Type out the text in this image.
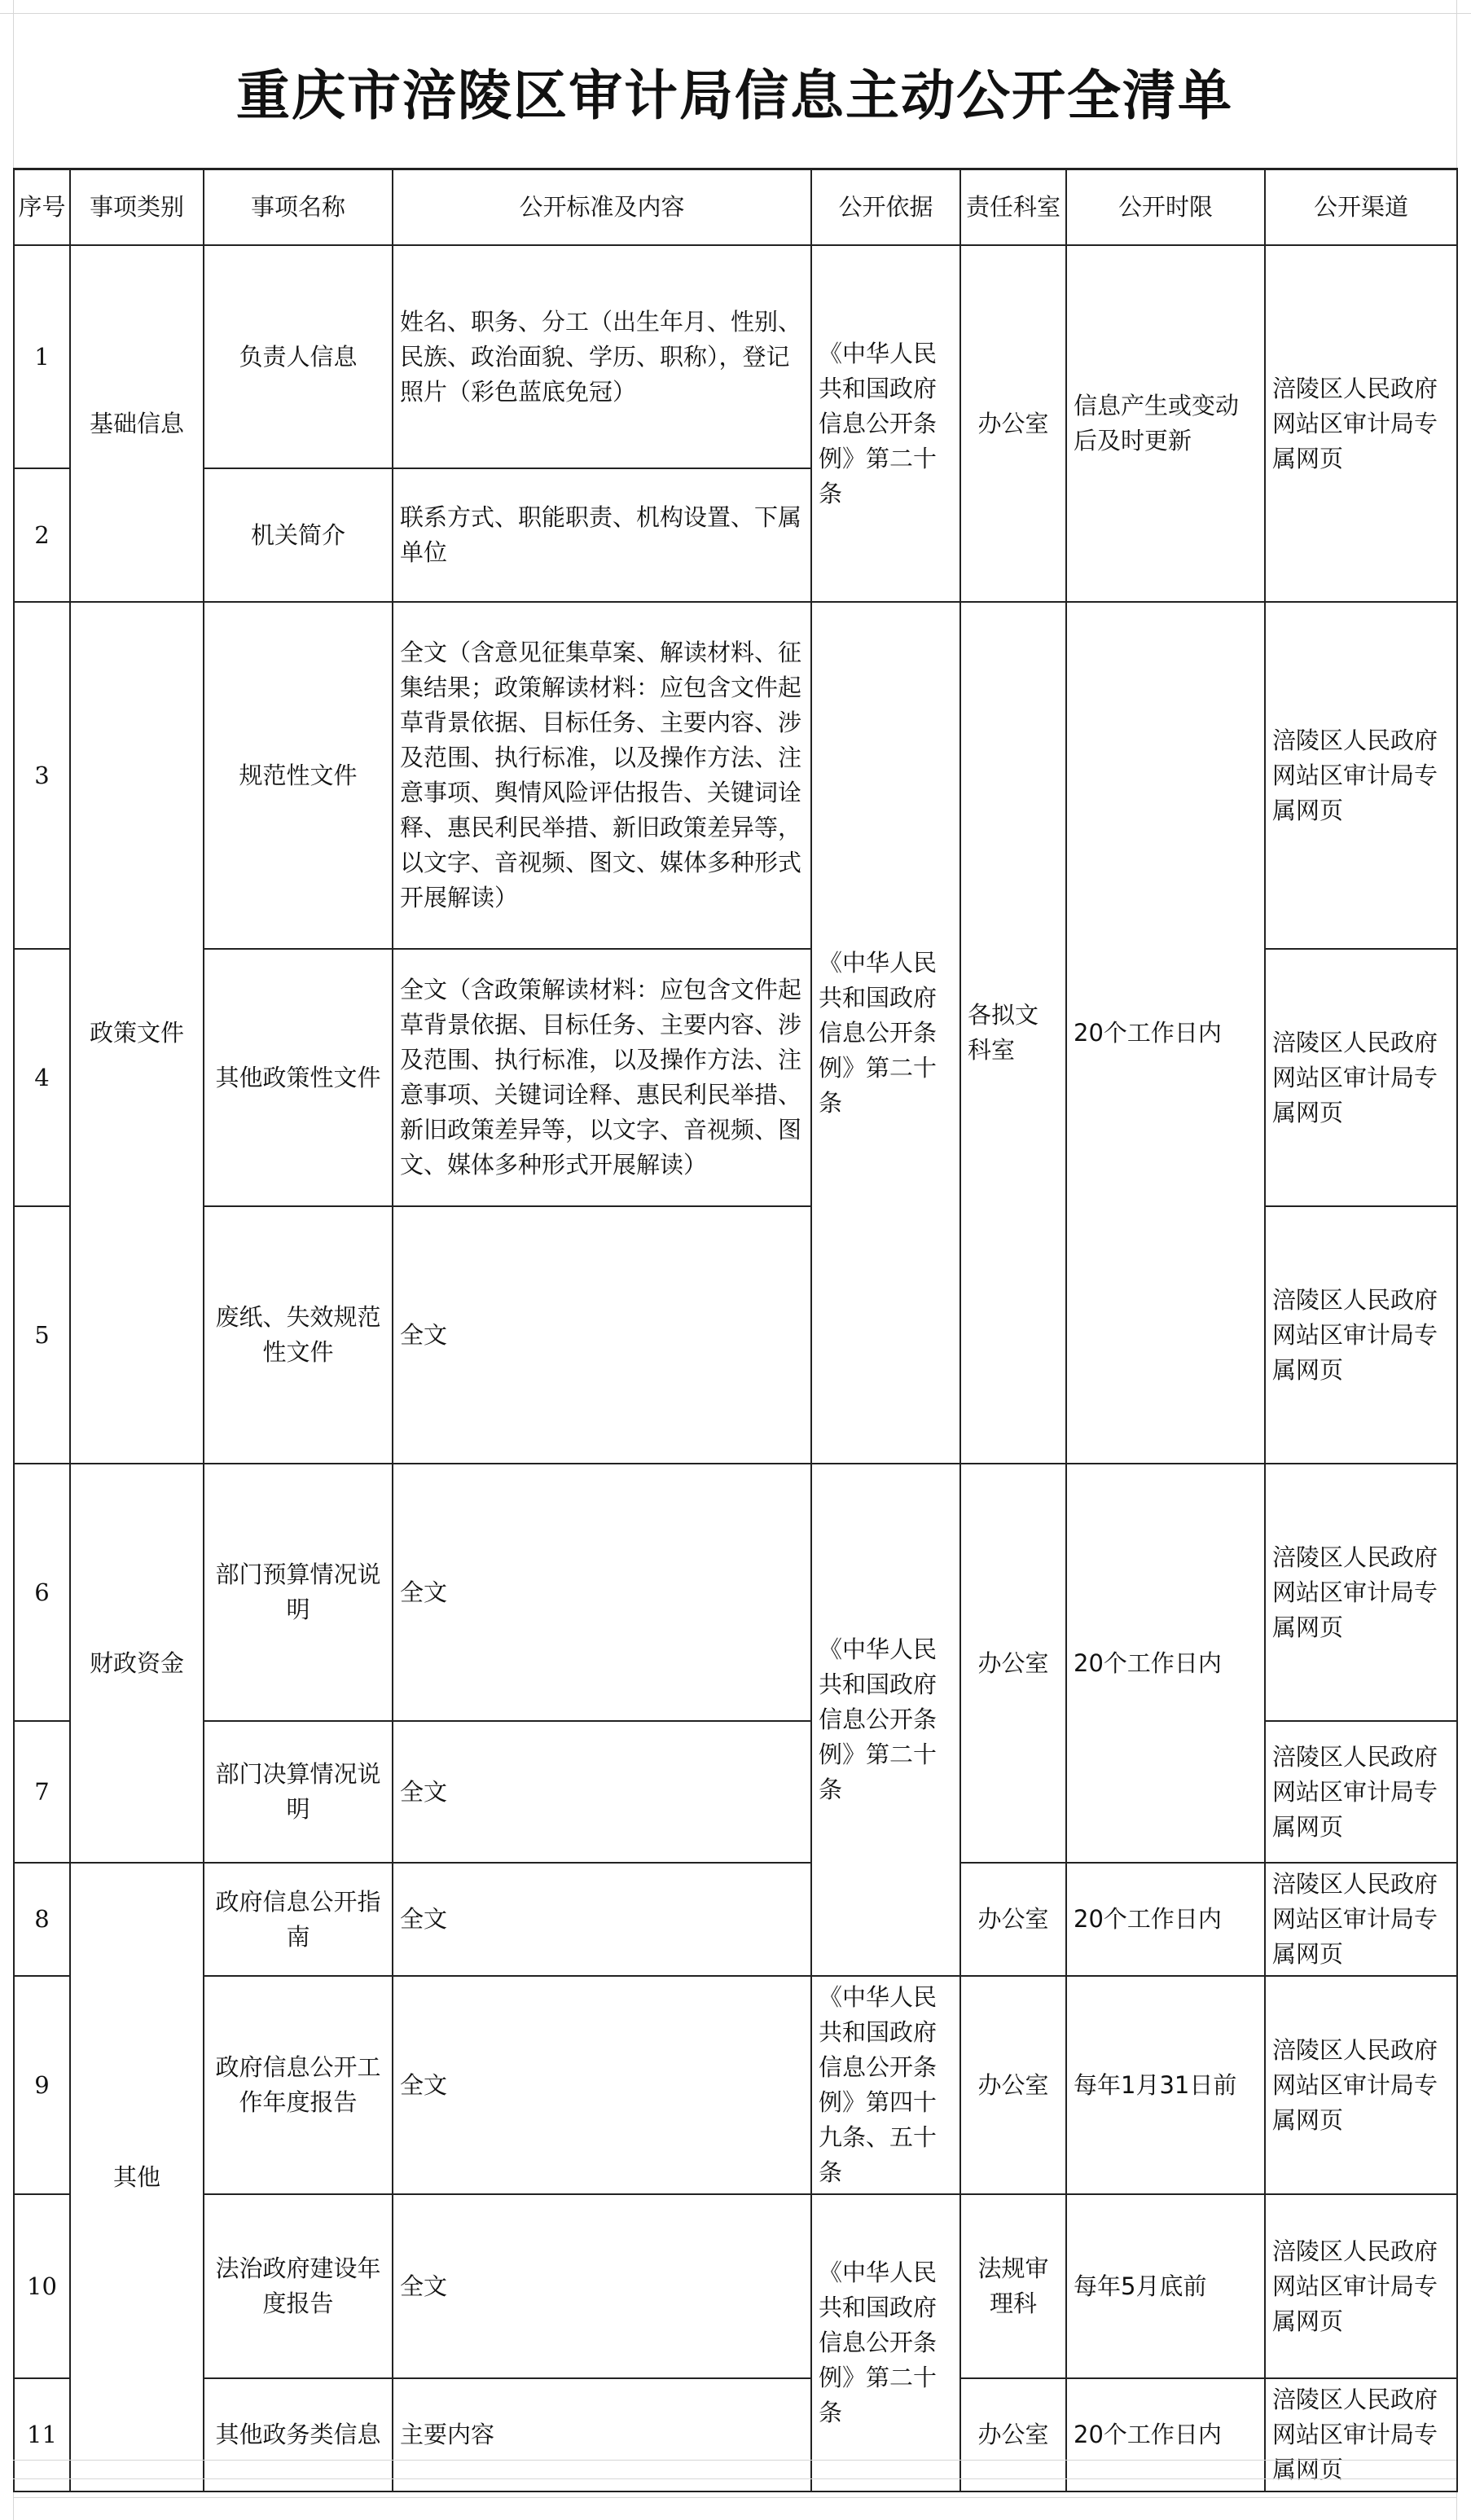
重庆市涪陵区审计局信息主动公开全清单
序号	事项类别	事项名称	公开标准及内容	公开依据	责任科室	公开时限	公开渠道
1	基础信息	负责人信息	姓名、职务、分工（出生年月、性别、民族、政治面貌、学历、职称），登记照片（彩色蓝底免冠）	《中华人民共和国政府信息公开条例》第二十条	办公室	信息产生或变动后及时更新	涪陵区人民政府网站区审计局专属网页
2		机关简介	联系方式、职能职责、机构设置、下属单位				
3	政策文件	规范性文件	全文（含意见征集草案、解读材料、征集结果；政策解读材料：应包含文件起草背景依据、目标任务、主要内容、涉及范围、执行标准，以及操作方法、注意事项、舆情风险评估报告、关键词诠释、惠民利民举措、新旧政策差异等，以文字、音视频、图文、媒体多种形式开展解读）	《中华人民共和国政府信息公开条例》第二十条	各拟文科室	20个工作日内	涪陵区人民政府网站区审计局专属网页
4		其他政策性文件	全文（含政策解读材料：应包含文件起草背景依据、目标任务、主要内容、涉及范围、执行标准，以及操作方法、注意事项、关键词诠释、惠民利民举措、新旧政策差异等，以文字、音视频、图文、媒体多种形式开展解读）				涪陵区人民政府网站区审计局专属网页
5		废纸、失效规范性文件	全文				涪陵区人民政府网站区审计局专属网页
6	财政资金	部门预算情况说明	全文	《中华人民共和国政府信息公开条例》第二十条	办公室	20个工作日内	涪陵区人民政府网站区审计局专属网页
7		部门决算情况说明	全文				涪陵区人民政府网站区审计局专属网页
8	其他	政府信息公开指南	全文		办公室	20个工作日内	涪陵区人民政府网站区审计局专属网页
9		政府信息公开工作年度报告	全文	《中华人民共和国政府信息公开条例》第四十九条、五十条	办公室	每年1月31日前	涪陵区人民政府网站区审计局专属网页
10		法治政府建设年度报告	全文	《中华人民共和国政府信息公开条例》第二十条	法规审理科	每年5月底前	涪陵区人民政府网站区审计局专属网页
11		其他政务类信息	主要内容		办公室	20个工作日内	涪陵区人民政府网站区审计局专属网页
